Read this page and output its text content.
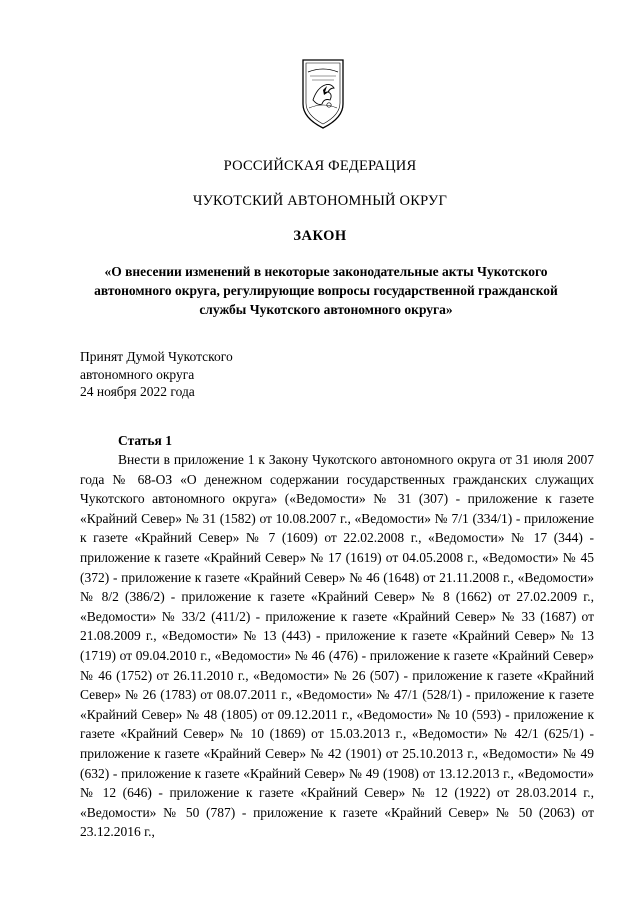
РОССИЙСКАЯ ФЕДЕРАЦИЯ
ЧУКОТСКИЙ АВТОНОМНЫЙ ОКРУГ
ЗАКОН
«О внесении изменений в некоторые законодательные акты Чукотского автономного округа, регулирующие вопросы государственной гражданской службы Чукотского автономного округа»
Принят Думой Чукотского
автономного округа
24 ноября 2022 года
Статья 1

Внести в приложение 1 к Закону Чукотского автономного округа от 31 июля 2007 года № 68-ОЗ «О денежном содержании государственных гражданских служащих Чукотского автономного округа» («Ведомости» № 31 (307) - приложение к газете «Крайний Север» № 31 (1582) от 10.08.2007 г., «Ведомости» № 7/1 (334/1) - приложение к газете «Крайний Север» № 7 (1609) от 22.02.2008 г., «Ведомости» № 17 (344) - приложение к газете «Крайний Север» № 17 (1619) от 04.05.2008 г., «Ведомости» № 45 (372) - приложение к газете «Крайний Север» № 46 (1648) от 21.11.2008 г., «Ведомости» № 8/2 (386/2) - приложение к газете «Крайний Север» № 8 (1662) от 27.02.2009 г., «Ведомости» № 33/2 (411/2) - приложение к газете «Крайний Север» № 33 (1687) от 21.08.2009 г., «Ведомости» № 13 (443) - приложение к газете «Крайний Север» № 13 (1719) от 09.04.2010 г., «Ведомости» № 46 (476) - приложение к газете «Крайний Север» № 46 (1752) от 26.11.2010 г., «Ведомости» № 26 (507) - приложение к газете «Крайний Север» № 26 (1783) от 08.07.2011 г., «Ведомости» № 47/1 (528/1) - приложение к газете «Крайний Север» № 48 (1805) от 09.12.2011 г., «Ведомости» № 10 (593) - приложение к газете «Крайний Север» № 10 (1869) от 15.03.2013 г., «Ведомости» № 42/1 (625/1) - приложение к газете «Крайний Север» № 42 (1901) от 25.10.2013 г., «Ведомости» № 49 (632) - приложение к газете «Крайний Север» № 49 (1908) от 13.12.2013 г., «Ведомости» № 12 (646) - приложение к газете «Крайний Север» № 12 (1922) от 28.03.2014 г., «Ведомости» № 50 (787) - приложение к газете «Крайний Север» № 50 (2063) от 23.12.2016 г.,
